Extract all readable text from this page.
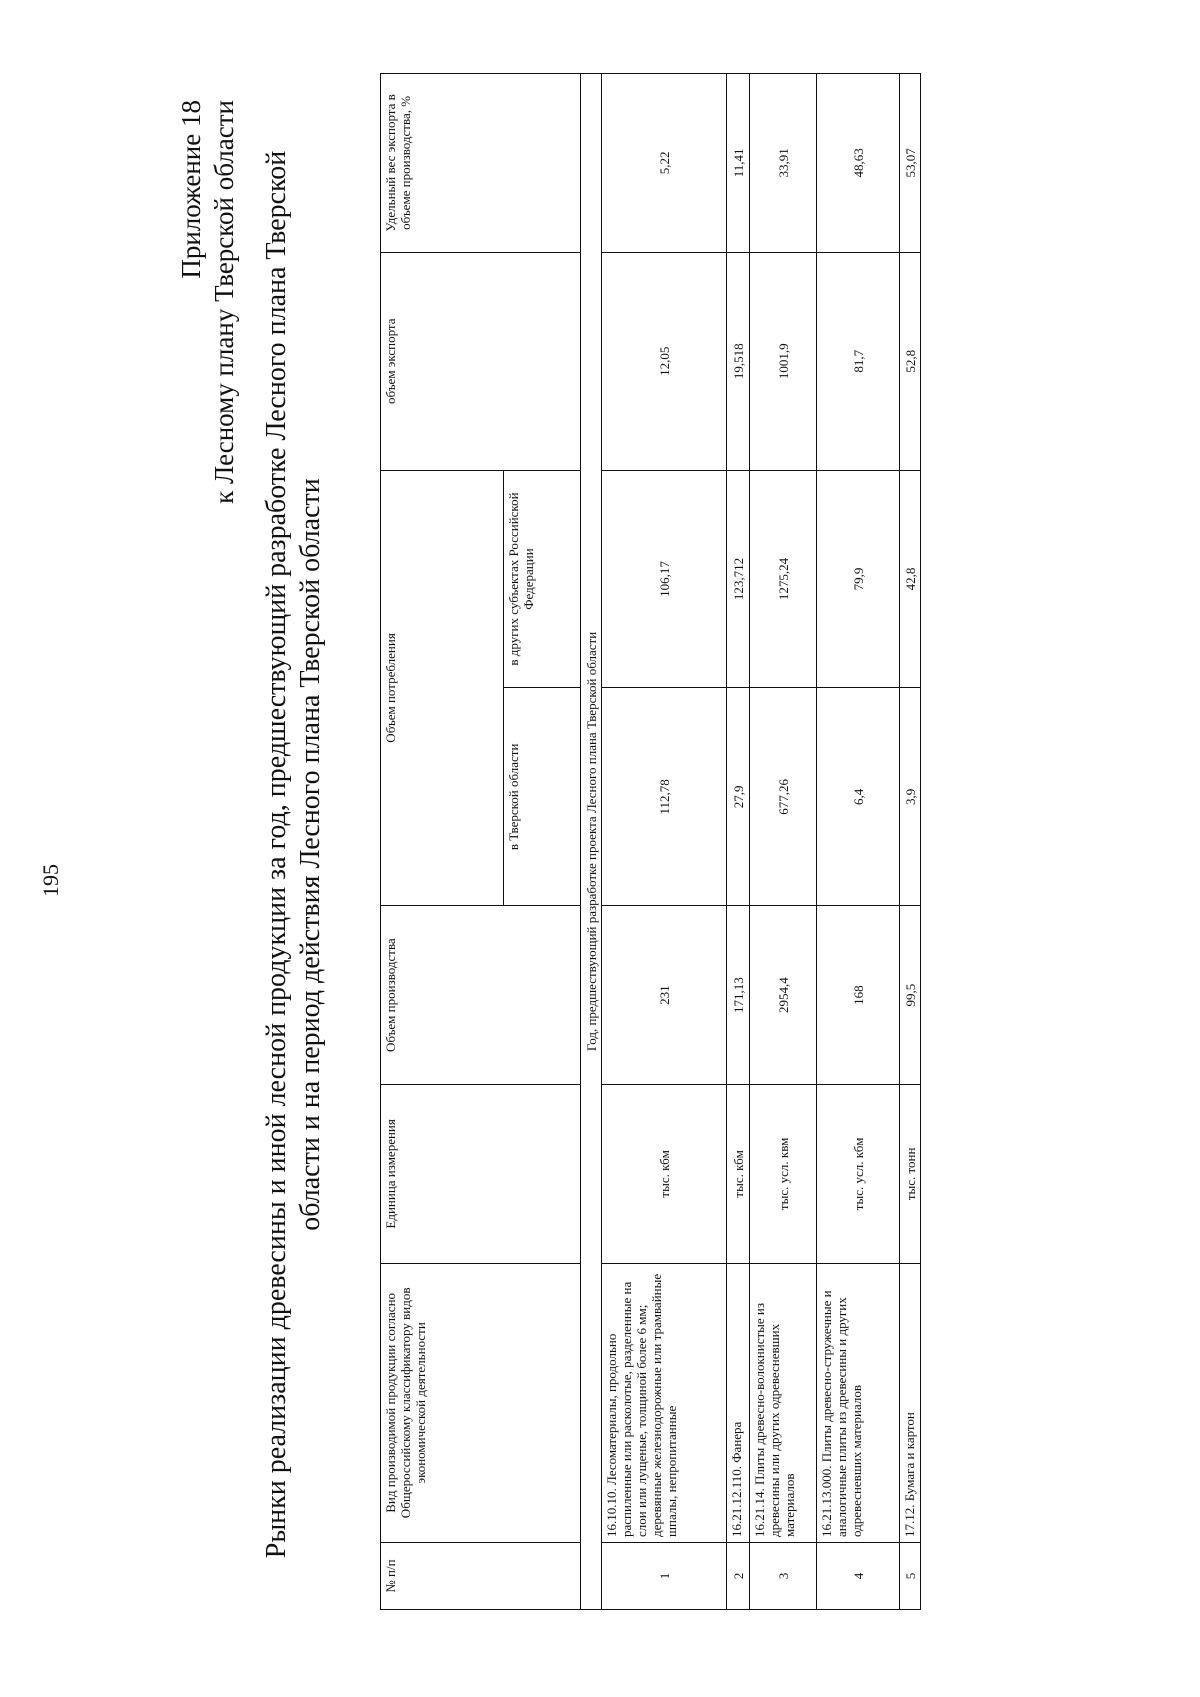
195

Приложение 18 к Лесному плану Тверской области Рынки реализации древесины и иной лесной продукции за год, предшествующий разработке Лесного плана Тверской области и на период действия Лесного плана Тверской области
№ п/п	Вид производимой продукции согласно Общероссийскому классификатору видов экономической деятельности	Единица измерения	Объем производства	Объем потребления		объем экспорта	Удельный вес экспорта в объеме производства, %
				в Тверской области	в других субъектах Российской Федерации		
Год, предшествующий разработке проекта Лесного плана Тверской области							
1	16.10.10. Лесоматериалы, продольно распиленные или расколотые, разделенные на слои или лущеные, толщиной более 6 мм; деревянные железнодорожные или трамвайные шпалы, непропитанные	тыс. кбм	231	112,78	106,17	12,05	5,22
2	16.21.12.110. Фанера	тыс. кбм	171,13	27,9	123,712	19,518	11,41
3	16.21.14. Плиты древесно-волокнистые из древесины или других одревесневших материалов	тыс. усл. квм	2954,4	677,26	1275,24	1001,9	33,91
4	16.21.13.000. Плиты древесно-стружечные и аналогичные плиты из древесины и других одревесневших материалов	тыс. усл. кбм	168	6,4	79,9	81,7	48,63
5	17.12. Бумага и картон	тыс. тонн	99,5	3,9	42,8	52,8	53,07
